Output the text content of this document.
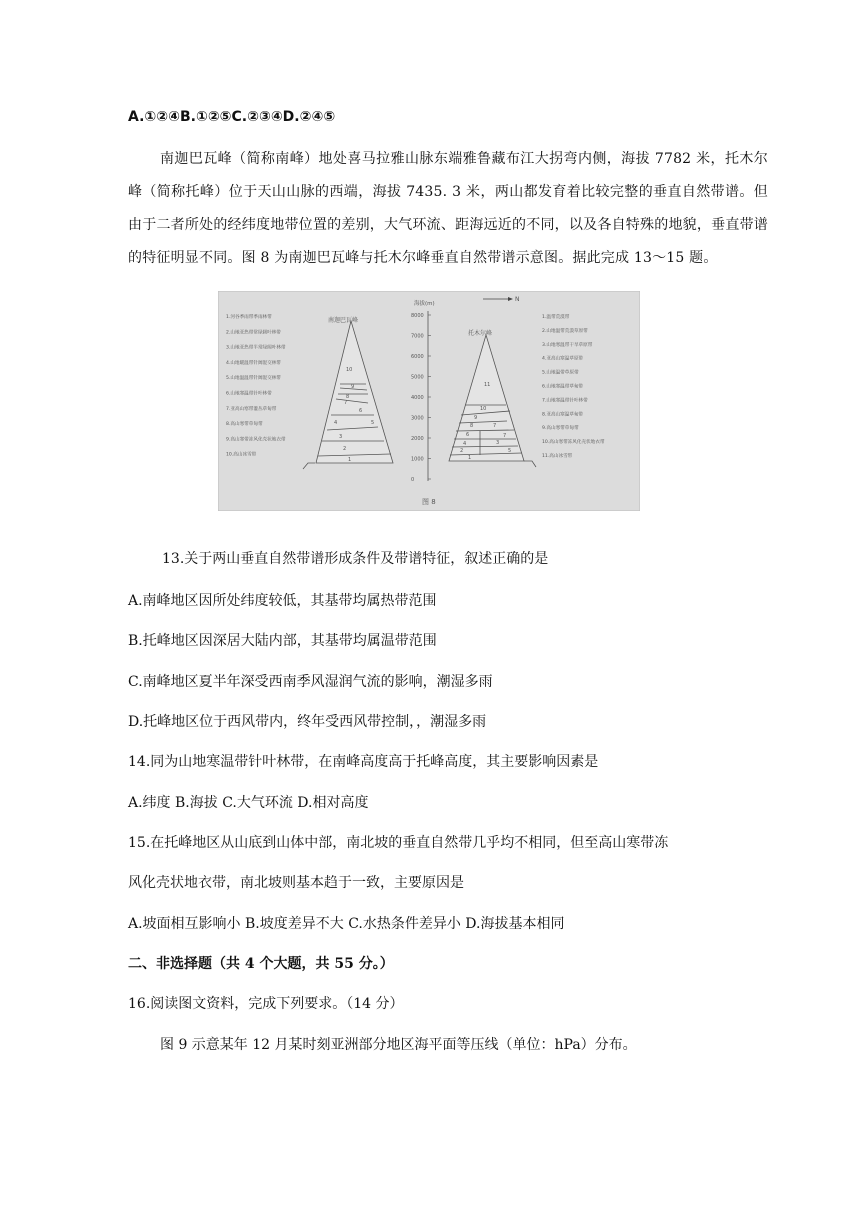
A.①②④B.①②⑤C.②③④D.②④⑤
南迦巴瓦峰（简称南峰）地处喜马拉雅山脉东端雅鲁藏布江大拐弯内侧，海拔 7782 米，托木尔峰（简称托峰）位于天山山脉的西端，海拔 7435. 3 米，两山都发育着比较完整的垂直自然带谱。但由于二者所处的经纬度地带位置的差别，大气环流、距海远近的不同，以及各自特殊的地貌，垂直带谱的特征明显不同。图 8 为南迦巴瓦峰与托木尔峰垂直自然带谱示意图。据此完成 13～15 题。
10
9
8
7
6
4	5
3
2
1
11
10
9
8	7
6	7
4	3
2	5
1
海拔(m)
8000
7000
6000
5000
4000
3000
2000
1000
0
N
南迦巴瓦峰
托木尔峰
1.河谷季雨带季雨林带
2.山地亚热带常绿阔叶林带
3.山地亚热带半常绿阔叶林带
4.山地暖温带针阔混交林带
5.山地温温带针阔混交林带
6.山地寒温带针叶林带
7.亚高山寒带灌丛草甸带
8.高山寒带草甸带
9.高山寒带冻风化壳状地衣带
10.高山冰雪带
1.温带荒漠带
2.山地温带荒漠草原带
3.山地寒温带干旱草原带
4.亚高山寒温草原带
5.山地温带草原带
6.山地寒温带草甸带
7.山地寒温带针叶林带
8.亚高山寒温草甸带
9.高山寒带草甸带
10.高山寒带冻风化壳状地衣带
11.高山冰雪带
图 8
13.关于两山垂直自然带谱形成条件及带谱特征，叙述正确的是
A.南峰地区因所处纬度较低，其基带均属热带范围
B.托峰地区因深居大陆内部，其基带均属温带范围
C.南峰地区夏半年深受西南季风湿润气流的影响，潮湿多雨
D.托峰地区位于西风带内，终年受西风带控制，，潮湿多雨
14.同为山地寒温带针叶林带，在南峰高度高于托峰高度，其主要影响因素是
A.纬度 B.海拔 C.大气环流 D.相对高度
15.在托峰地区从山底到山体中部，南北坡的垂直自然带几乎均不相同，但至高山寒带冻
风化壳状地衣带，南北坡则基本趋于一致，主要原因是
A.坡面相互影响小 B.坡度差异不大 C.水热条件差异小 D.海拔基本相同
二、非选择题（共 4 个大题，共 55 分。）
16.阅读图文资料，完成下列要求。（14 分）
图 9 示意某年 12 月某时刻亚洲部分地区海平面等压线（单位：hPa）分布。
